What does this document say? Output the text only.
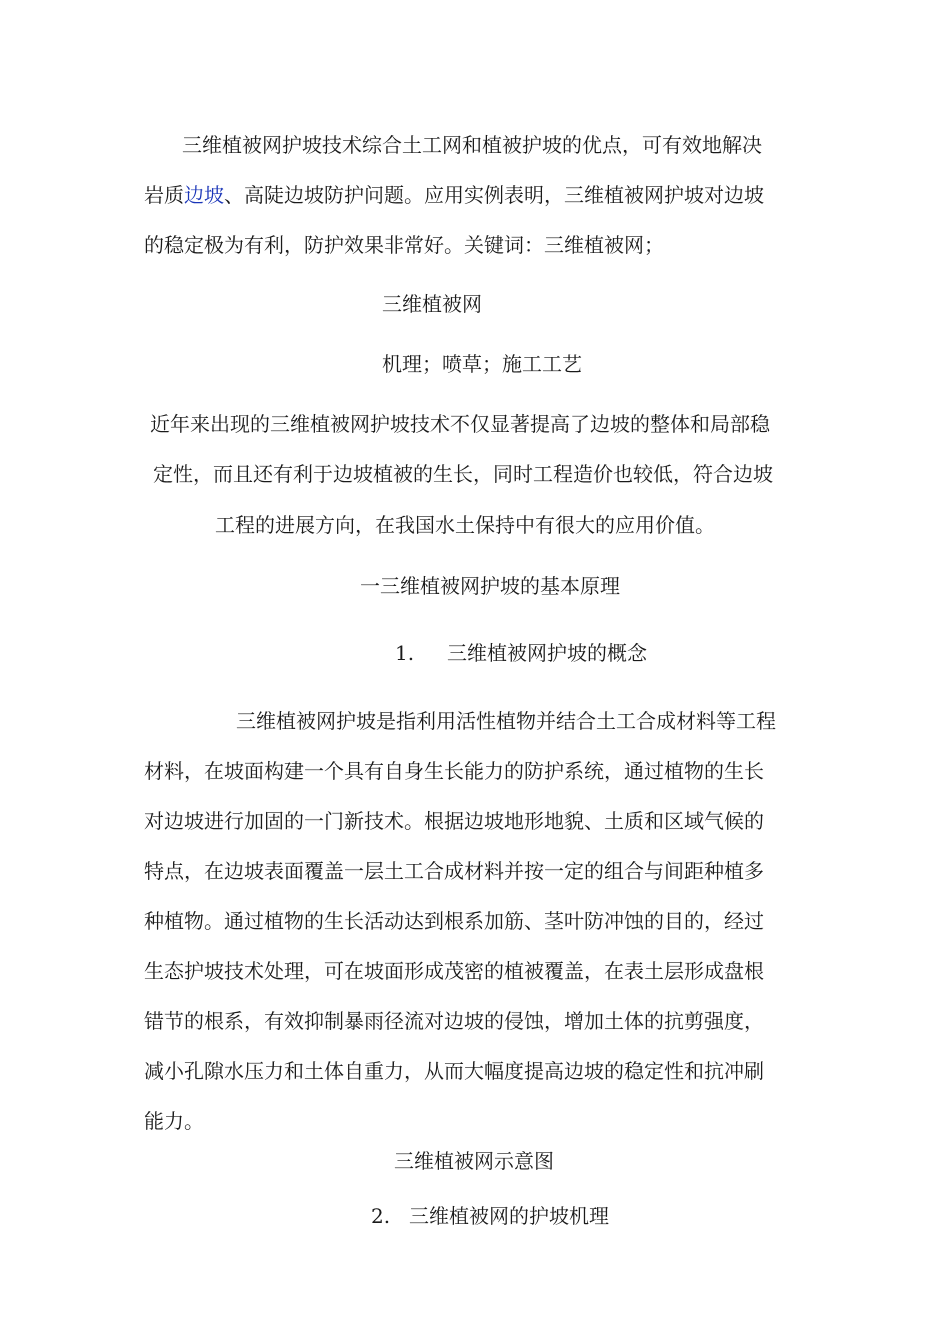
三维植被网护坡技术综合土工网和植被护坡的优点，可有效地解决
岩质边坡、高陡边坡防护问题。应用实例表明，三维植被网护坡对边坡
的稳定极为有利，防护效果非常好。关键词：三维植被网；
三维植被网
机理；喷草；施工工艺
近年来出现的三维植被网护坡技术不仅显著提高了边坡的整体和局部稳
定性，而且还有利于边坡植被的生长，同时工程造价也较低，符合边坡
工程的进展方向，在我国水土保持中有很大的应用价值。
一三维植被网护坡的基本原理
1. 三维植被网护坡的概念
三维植被网护坡是指利用活性植物并结合土工合成材料等工程
材料，在坡面构建一个具有自身生长能力的防护系统，通过植物的生长
对边坡进行加固的一门新技术。根据边坡地形地貌、土质和区域气候的
特点，在边坡表面覆盖一层土工合成材料并按一定的组合与间距种植多
种植物。通过植物的生长活动达到根系加筋、茎叶防冲蚀的目的，经过
生态护坡技术处理，可在坡面形成茂密的植被覆盖，在表土层形成盘根
错节的根系，有效抑制暴雨径流对边坡的侵蚀，增加土体的抗剪强度，
减小孔隙水压力和土体自重力，从而大幅度提高边坡的稳定性和抗冲刷
能力。
三维植被网示意图
2. 三维植被网的护坡机理
